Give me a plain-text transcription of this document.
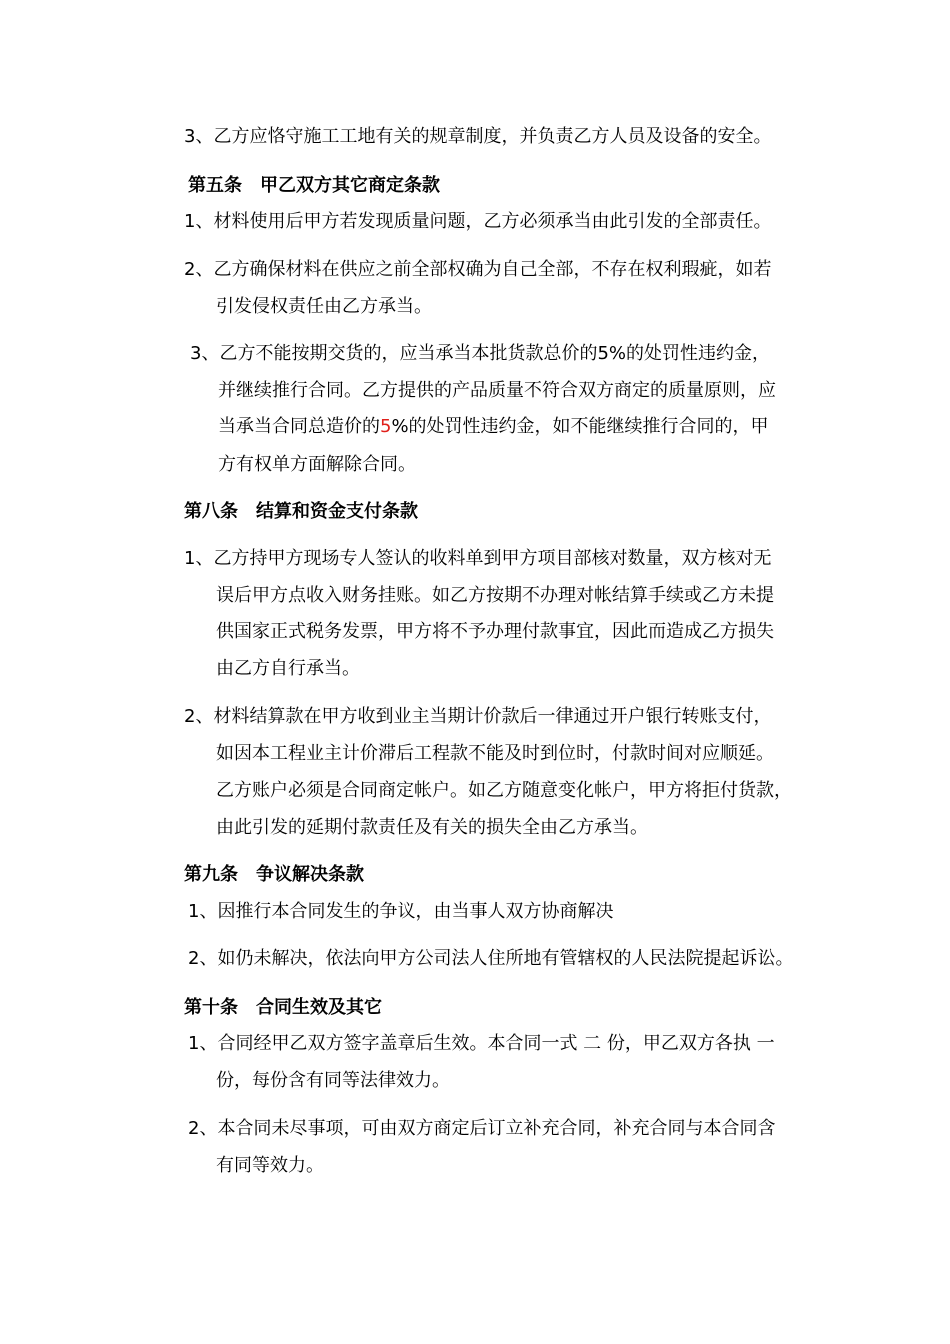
3、乙方应恪守施工工地有关的规章制度，并负责乙方人员及设备的安全。
第五条　甲乙双方其它商定条款
1、材料使用后甲方若发现质量问题，乙方必须承当由此引发的全部责任。
2、乙方确保材料在供应之前全部权确为自己全部，不存在权利瑕疵，如若
引发侵权责任由乙方承当。
3、乙方不能按期交货的，应当承当本批货款总价的5%的处罚性违约金，
并继续推行合同。乙方提供的产品质量不符合双方商定的质量原则，应
当承当合同总造价的5%的处罚性违约金，如不能继续推行合同的，甲
方有权单方面解除合同。
第八条　结算和资金支付条款
1、乙方持甲方现场专人签认的收料单到甲方项目部核对数量，双方核对无
误后甲方点收入财务挂账。如乙方按期不办理对帐结算手续或乙方未提
供国家正式税务发票，甲方将不予办理付款事宜，因此而造成乙方损失
由乙方自行承当。
2、材料结算款在甲方收到业主当期计价款后一律通过开户银行转账支付，
如因本工程业主计价滞后工程款不能及时到位时，付款时间对应顺延。
乙方账户必须是合同商定帐户。如乙方随意变化帐户，甲方将拒付货款，
由此引发的延期付款责任及有关的损失全由乙方承当。
第九条　争议解决条款
1、因推行本合同发生的争议，由当事人双方协商解决
2、如仍未解决，依法向甲方公司法人住所地有管辖权的人民法院提起诉讼。
第十条　合同生效及其它
1、合同经甲乙双方签字盖章后生效。本合同一式 二 份，甲乙双方各执 一
份，每份含有同等法律效力。
2、本合同未尽事项，可由双方商定后订立补充合同，补充合同与本合同含
有同等效力。
